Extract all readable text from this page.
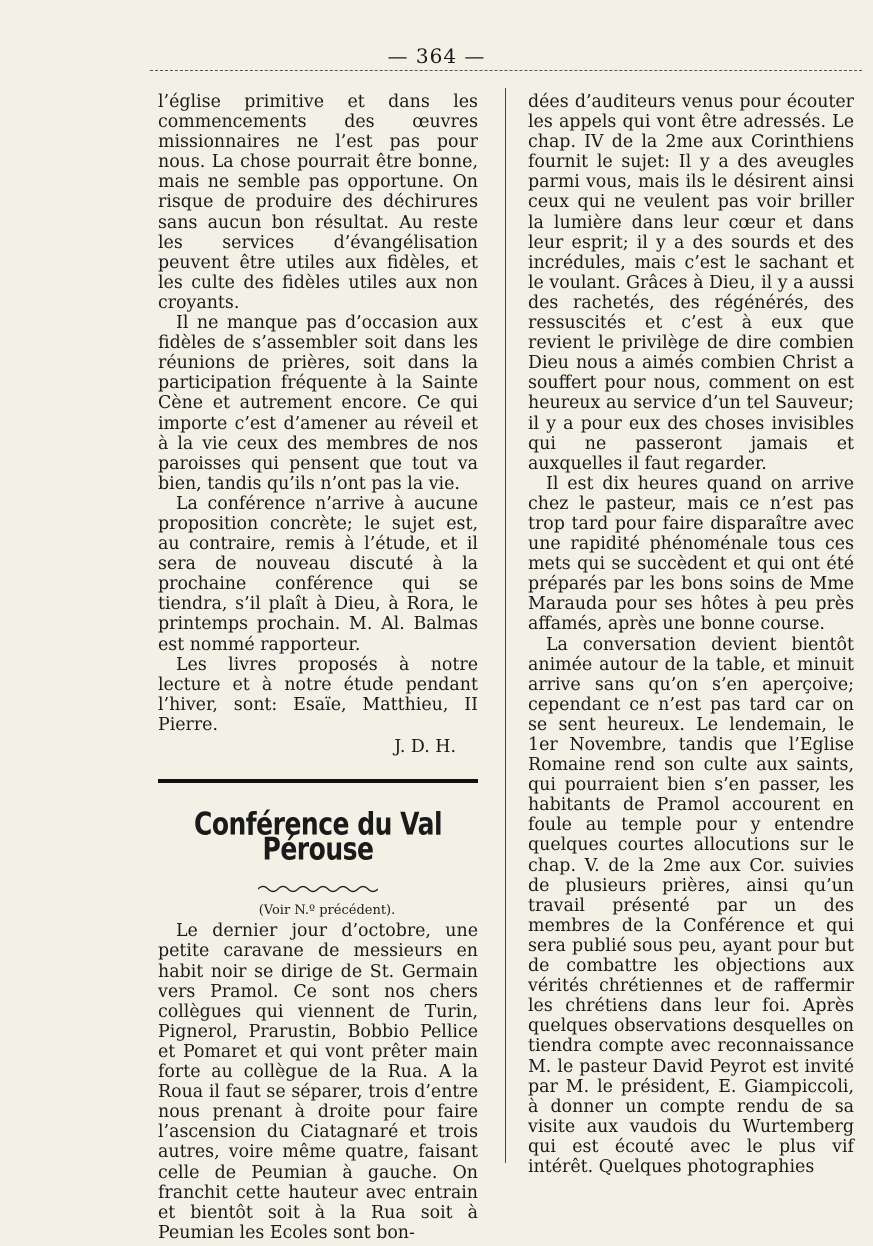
— 364 —

l’église primitive et dans les commencements des œuvres missionnaires ne l’est pas pour nous. La chose pourrait être bonne, mais ne semble pas opportune. On risque de produire des déchirures sans aucun bon résultat. Au reste les services d’évangélisation peuvent être utiles aux fidèles, et les culte des fidèles utiles aux non croyants.

Il ne manque pas d’occasion aux fidèles de s’assembler soit dans les réunions de prières, soit dans la participation fréquente à la Sainte Cène et autrement encore. Ce qui importe c’est d’amener au réveil et à la vie ceux des membres de nos paroisses qui pensent que tout va bien, tandis qu’ils n’ont pas la vie.

La conférence n’arrive à aucune proposition concrète; le sujet est, au contraire, remis à l’étude, et il sera de nouveau discuté à la prochaine conférence qui se tiendra, s’il plaît à Dieu, à Rora, le printemps prochain. M. Al. Balmas est nommé rapporteur.

Les livres proposés à notre lecture et à notre étude pendant l’hiver, sont: Esaïe, Matthieu, II Pierre.

J. D. H.
Conférence du Val Pérouse

(Voir N.º précédent).

Le dernier jour d’octobre, une petite caravane de messieurs en habit noir se dirige de St. Germain vers Pramol. Ce sont nos chers collègues qui viennent de Turin, Pignerol, Prarustin, Bobbio Pellice et Pomaret et qui vont prêter main forte au collègue de la Rua. A la Roua il faut se séparer, trois d’entre nous prenant à droite pour faire l’ascension du Ciatagnaré et trois autres, voire même quatre, faisant celle de Peumian à gauche. On franchit cette hauteur avec entrain et bientôt soit à la Rua soit à Peumian les Ecoles sont bon-

dées d’auditeurs venus pour écouter les appels qui vont être adressés. Le chap. IV de la 2me aux Corinthiens fournit le sujet: Il y a des aveugles parmi vous, mais ils le désirent ainsi ceux qui ne veulent pas voir briller la lumière dans leur cœur et dans leur esprit; il y a des sourds et des incrédules, mais c’est le sachant et le voulant. Grâces à Dieu, il y a aussi des rachetés, des régénérés, des ressuscités et c’est à eux que revient le privilège de dire combien Dieu nous a aimés combien Christ a souffert pour nous, comment on est heureux au service d’un tel Sauveur; il y a pour eux des choses invisibles qui ne passeront jamais et auxquelles il faut regarder.

Il est dix heures quand on arrive chez le pasteur, mais ce n’est pas trop tard pour faire disparaître avec une rapidité phénoménale tous ces mets qui se succèdent et qui ont été préparés par les bons soins de Mme Marauda pour ses hôtes à peu près affamés, après une bonne course.

La conversation devient bientôt animée autour de la table, et minuit arrive sans qu’on s’en aperçoive; cependant ce n’est pas tard car on se sent heureux. Le lendemain, le 1er Novembre, tandis que l’Eglise Romaine rend son culte aux saints, qui pourraient bien s’en passer, les habitants de Pramol accourent en foule au temple pour y entendre quelques courtes allocutions sur le chap. V. de la 2me aux Cor. suivies de plusieurs prières, ainsi qu’un travail présenté par un des membres de la Conférence et qui sera publié sous peu, ayant pour but de combattre les objections aux vérités chrétiennes et de raffermir les chrétiens dans leur foi. Après quelques observations desquelles on tiendra compte avec reconnaissance M. le pasteur David Peyrot est invité par M. le président, E. Giampiccoli, à donner un compte rendu de sa visite aux vaudois du Wurtemberg qui est écouté avec le plus vif intérêt. Quelques photographies
